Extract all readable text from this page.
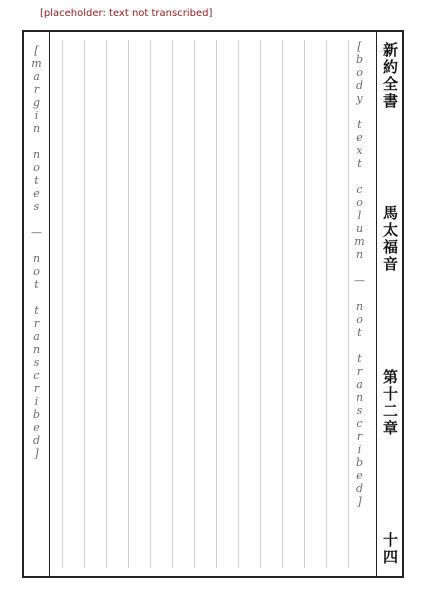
[placeholder: text not transcribed]
新約全書
馬太福音
第十二章
十四
[body text column — not transcribed]
[margin notes — not transcribed]
